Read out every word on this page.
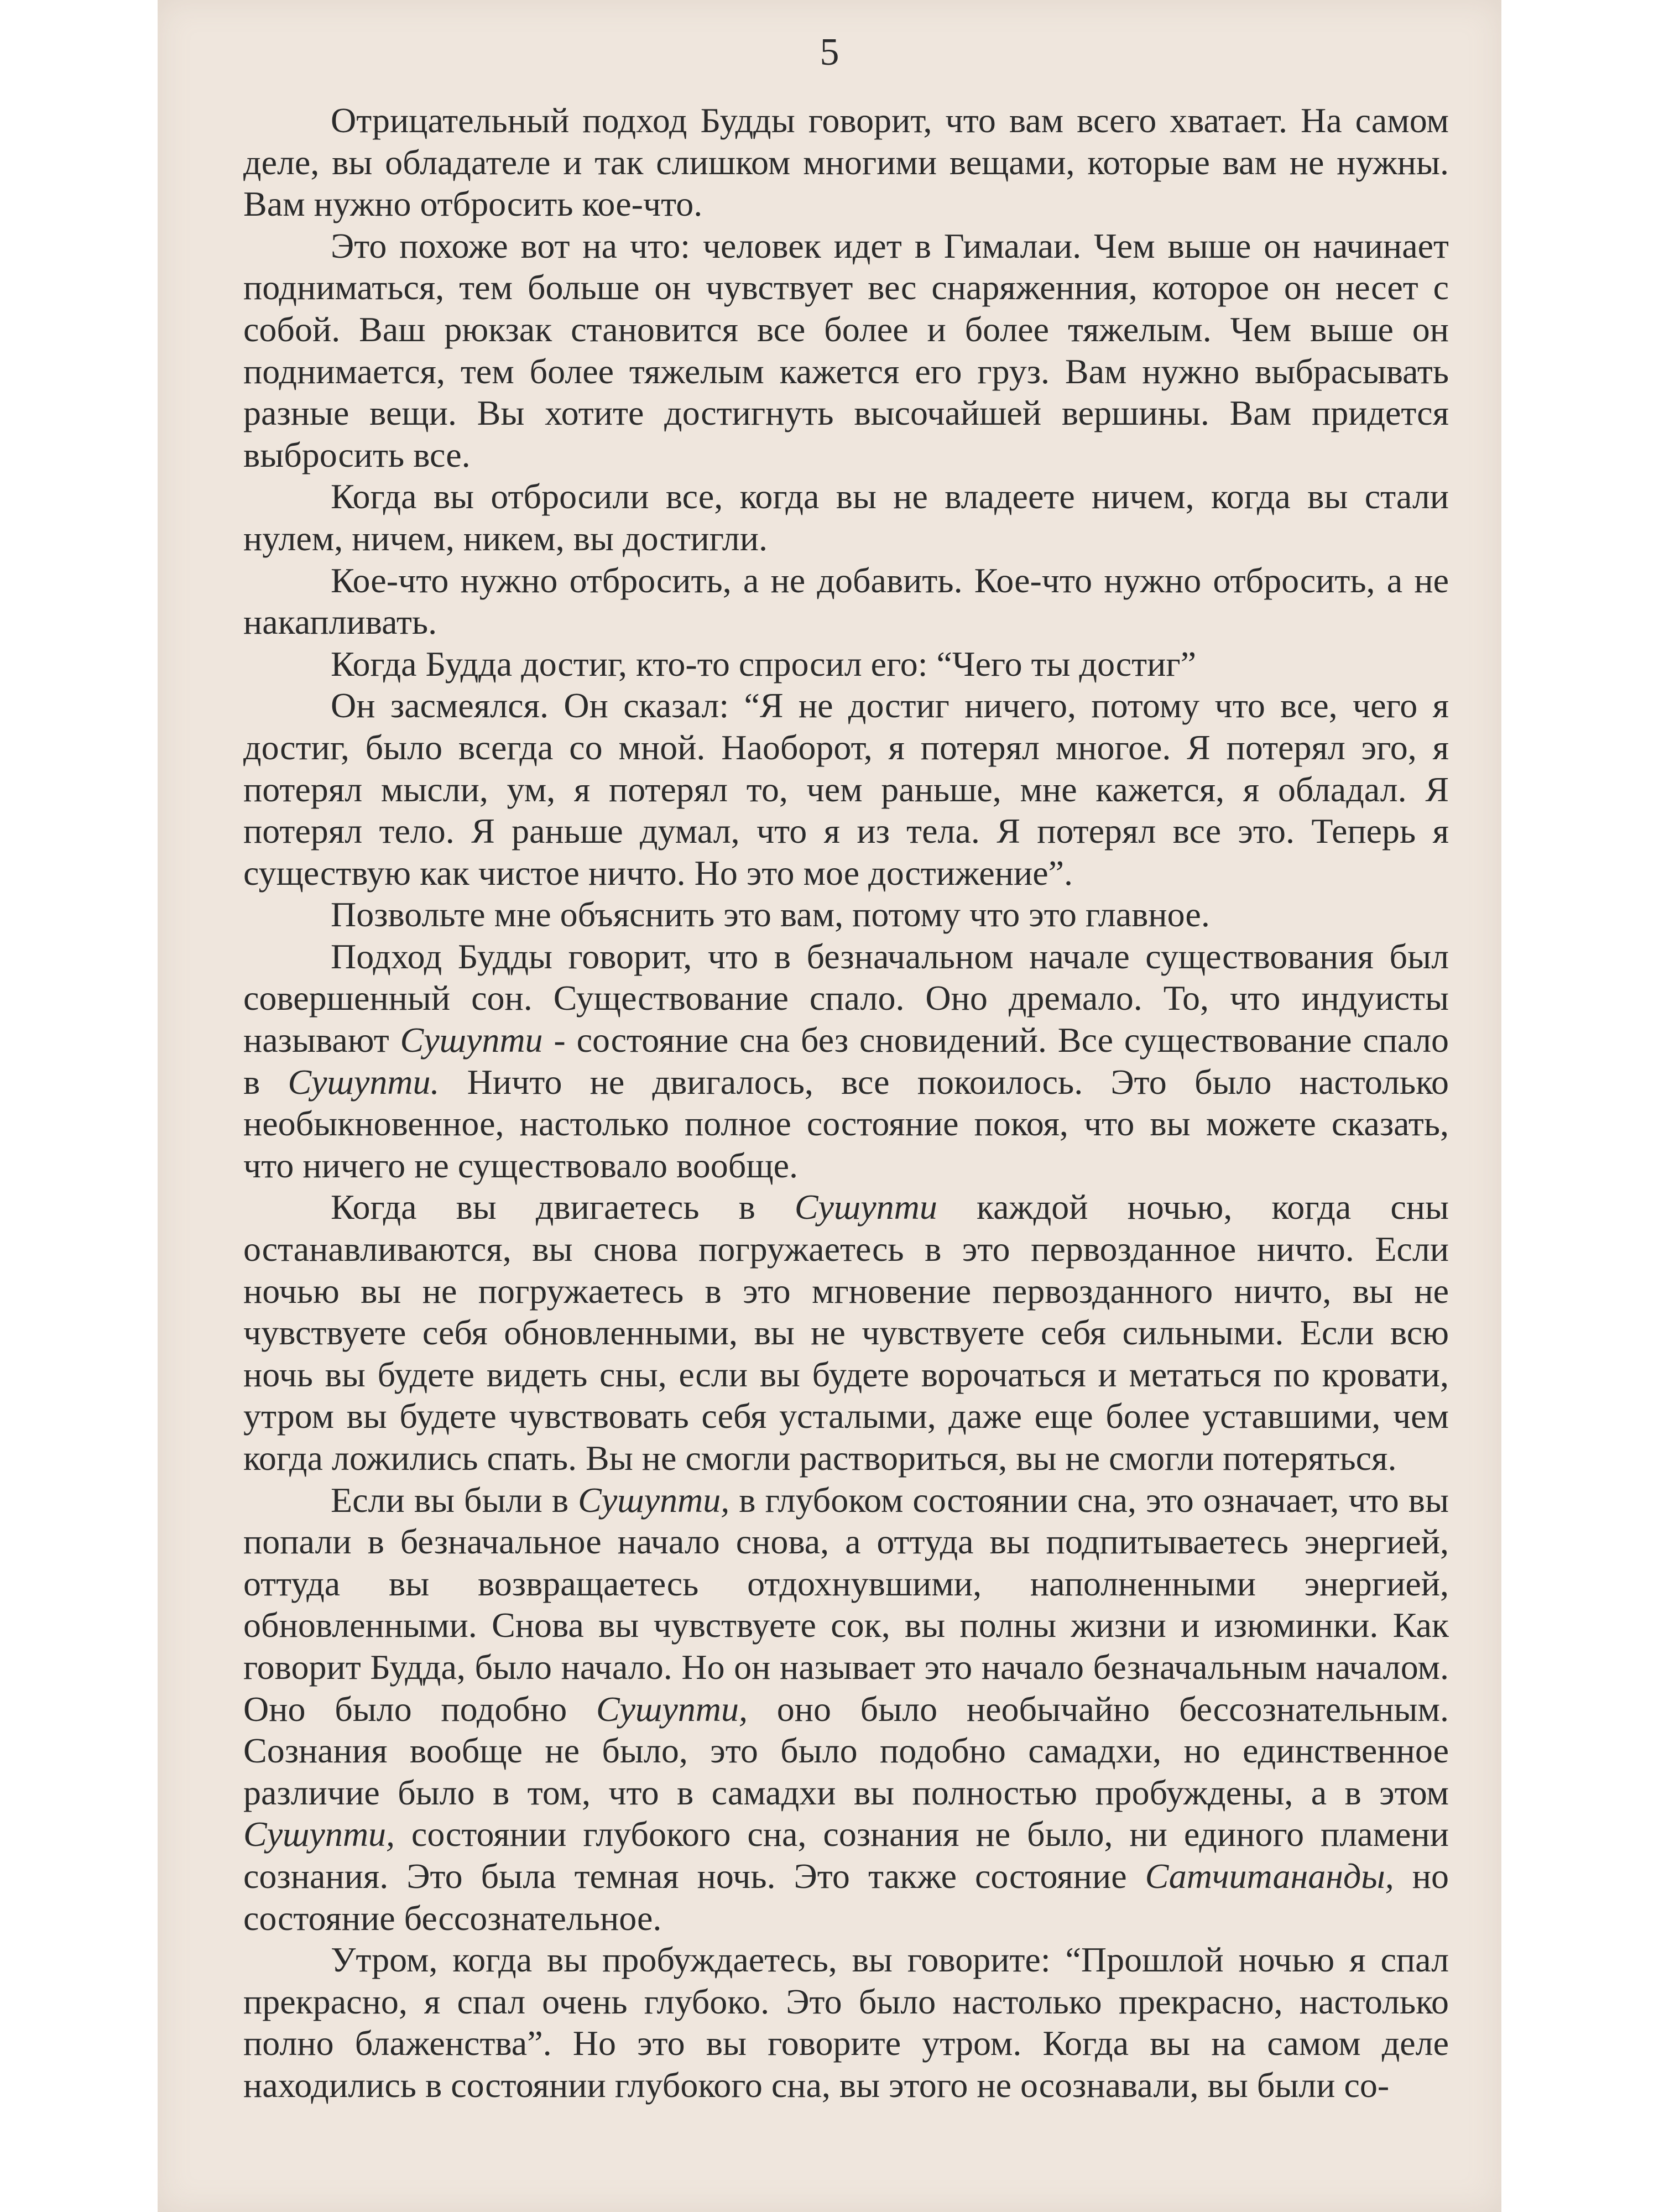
5

Отрицательный подход Будды говорит, что вам всего хватает. На самом деле, вы обладателе и так слишком многими вещами, которые вам не нужны. Вам нужно отбросить кое-что.

Это похоже вот на что: человек идет в Гималаи. Чем выше он начинает подниматься, тем больше он чувствует вес снаряженния, которое он несет с собой. Ваш рюкзак становится все более и более тяжелым. Чем выше он поднимается, тем более тяжелым кажется его груз. Вам нужно выбрасывать разные вещи. Вы хотите достигнуть высочайшей вершины. Вам придется выбросить все.

Когда вы отбросили все, когда вы не владеете ничем, когда вы стали нулем, ничем, никем, вы достигли.

Кое-что нужно отбросить, а не добавить. Кое-что нужно отбросить, а не накапливать.

Когда Будда достиг, кто-то спросил его: “Чего ты достиг”

Он засмеялся. Он сказал: “Я не достиг ничего, потому что все, чего я достиг, было всегда со мной. Наоборот, я потерял многое. Я потерял эго, я потерял мысли, ум, я потерял то, чем раньше, мне кажется, я обладал. Я потерял тело. Я раньше думал, что я из тела. Я потерял все это. Теперь я существую как чистое ничто. Но это мое достижение”.

Позвольте мне объяснить это вам, потому что это главное.

Подход Будды говорит, что в безначальном начале существования был совершенный сон. Существование спало. Оно дремало. То, что индуисты называют Сушупти - состояние сна без сновидений. Все существование спало в Сушупти. Ничто не двигалось, все покоилось. Это было настолько необыкновенное, настолько полное состояние покоя, что вы можете сказать, что ничего не существовало вообще.

Когда вы двигаетесь в Сушупти каждой ночью, когда сны останавливаются, вы снова погружаетесь в это первозданное ничто. Если ночью вы не погружаетесь в это мгновение первозданного ничто, вы не чувствуете себя обновленными, вы не чувствуете себя сильными. Если всю ночь вы будете видеть сны, если вы будете ворочаться и метаться по кровати, утром вы будете чувствовать себя усталыми, даже еще более уставшими, чем когда ложились спать. Вы не смогли раствориться, вы не смогли потеряться.

Если вы были в Сушупти, в глубоком состоянии сна, это означает, что вы попали в безначальное начало снова, а оттуда вы подпитываетесь энергией, оттуда вы возвращаетесь отдохнувшими, наполненными энергией, обновленными. Снова вы чувствуете сок, вы полны жизни и изюминки. Как говорит Будда, было начало. Но он называет это начало безначальным началом. Оно было подобно Сушупти, оно было необычайно бессознательным. Сознания вообще не было, это было подобно самадхи, но единственное различие было в том, что в самадхи вы полностью пробуждены, а в этом Сушупти, состоянии глубокого сна, сознания не было, ни единого пламени сознания. Это была темная ночь. Это также состояние Сатчитананды, но состояние бессознательное.

Утром, когда вы пробуждаетесь, вы говорите: “Прошлой ночью я спал прекрасно, я спал очень глубоко. Это было настолько прекрасно, настолько полно блаженства”. Но это вы говорите утром. Когда вы на самом деле находились в состоянии глубокого сна, вы этого не осознавали, вы были со-
